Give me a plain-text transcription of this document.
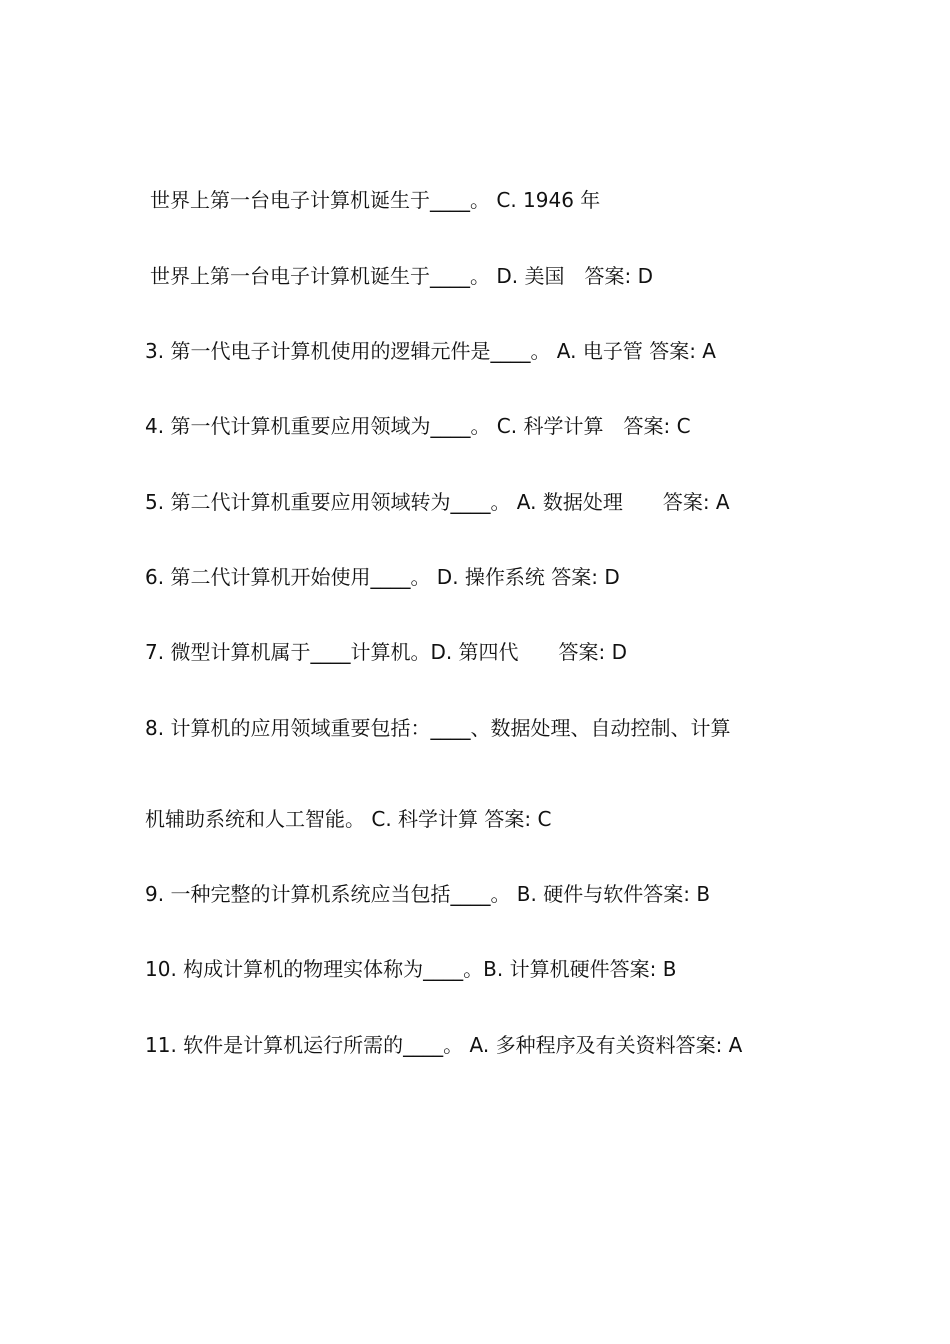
世界上第一台电子计算机诞生于____。 C. 1946 年
世界上第一台电子计算机诞生于____。 D. 美国　答案: D
3. 第一代电子计算机使用的逻辑元件是____。 A. 电子管 答案: A
4. 第一代计算机重要应用领域为____。 C. 科学计算　答案: C
5. 第二代计算机重要应用领域转为____。 A. 数据处理　　答案: A
6. 第二代计算机开始使用____。 D. 操作系统 答案: D
7. 微型计算机属于____计算机。D. 第四代　　答案: D
8. 计算机的应用领域重要包括：____、数据处理、自动控制、计算
机辅助系统和人工智能。 C. 科学计算 答案: C
9. 一种完整的计算机系统应当包括____。 B. 硬件与软件答案: B
10. 构成计算机的物理实体称为____。B. 计算机硬件答案: B
11. 软件是计算机运行所需的____。 A. 多种程序及有关资料答案: A
